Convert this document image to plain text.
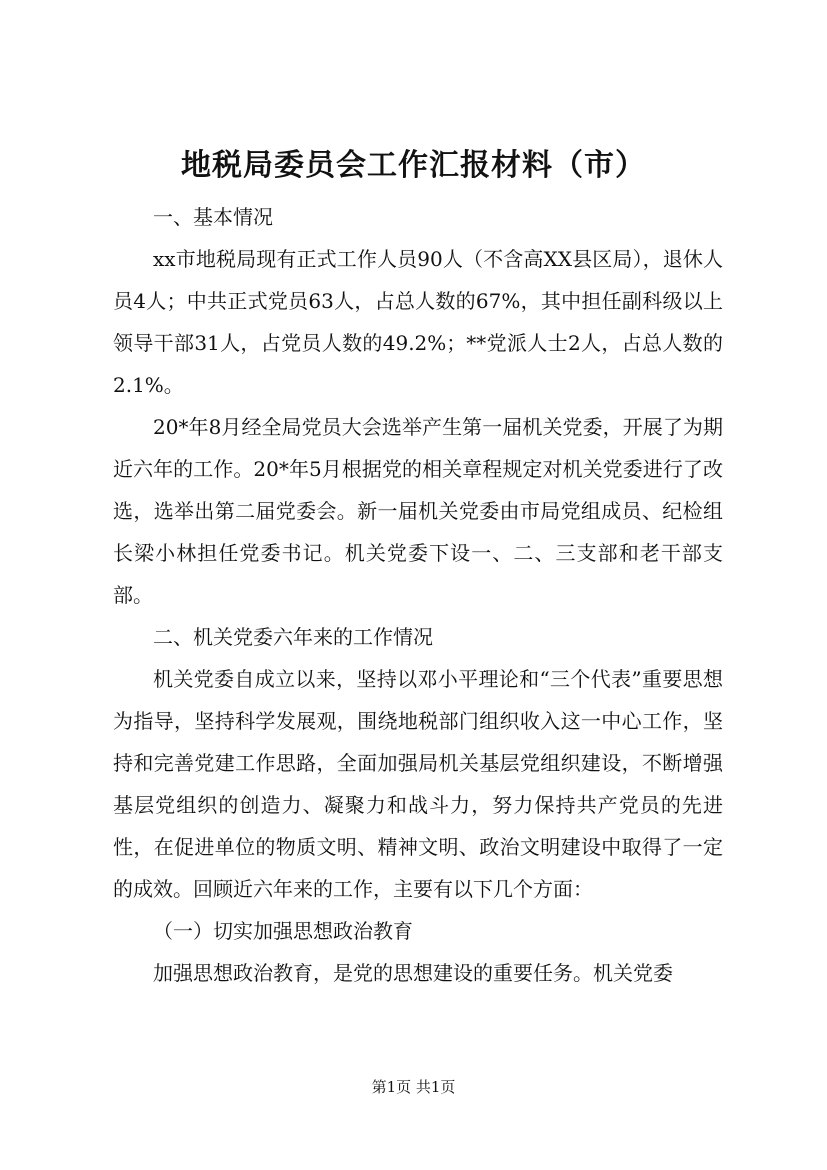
地税局委员会工作汇报材料（市）

一、基本情况

xx市地税局现有正式工作人员90人（不含高XX县区局），退休人员4人；中共正式党员63人，占总人数的67%，其中担任副科级以上领导干部31人，占党员人数的49.2%；**党派人士2人，占总人数的2.1%。

20*年8月经全局党员大会选举产生第一届机关党委，开展了为期近六年的工作。20*年5月根据党的相关章程规定对机关党委进行了改选，选举出第二届党委会。新一届机关党委由市局党组成员、纪检组长梁小林担任党委书记。机关党委下设一、二、三支部和老干部支部。

二、机关党委六年来的工作情况

机关党委自成立以来，坚持以邓小平理论和“三个代表”重要思想为指导，坚持科学发展观，围绕地税部门组织收入这一中心工作，坚持和完善党建工作思路，全面加强局机关基层党组织建设，不断增强基层党组织的创造力、凝聚力和战斗力，努力保持共产党员的先进性，在促进单位的物质文明、精神文明、政治文明建设中取得了一定的成效。回顾近六年来的工作，主要有以下几个方面：

（一）切实加强思想政治教育

加强思想政治教育，是党的思想建设的重要任务。机关党委

第1页 共1页
